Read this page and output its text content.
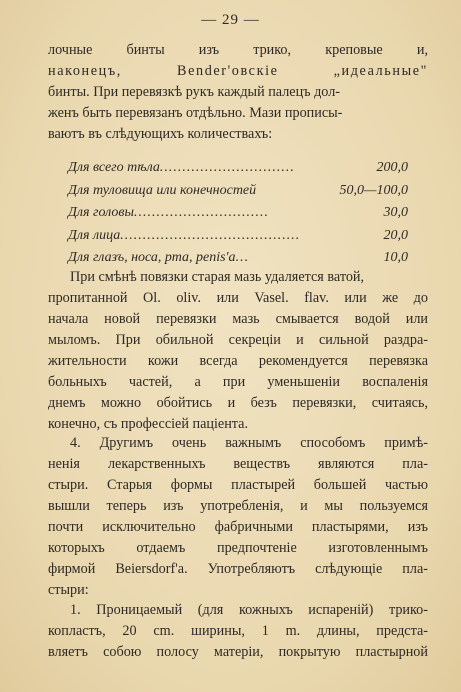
— 29 —
лочные бинты изъ трико, креповые и,
наконецъ, Bender'овскiе „идеальные"
бинты. При перевязкѣ рукъ каждый палецъ дол-
женъ быть перевязанъ отдѣльно. Мази прописы-
ваютъ въ слѣдующихъ количествахъ:
Для всего тѣла ..............................	200,0
Для туловища или конечностей	50,0—100,0
Для головы ..............................	30,0
Для лица ........................................	20,0
Для глазъ, носа, рта, penis'a ...	10,0
При смѣнѣ повязки старая мазь удаляется ватой,
пропитанной Ol. oliv. или Vasel. flav. или же до
начала новой перевязки мазь смывается водой или
мыломъ. При обильной секрецiи и сильной раздра-
жительности кожи всегда рекомендуется перевязка
больныхъ частей, а при уменьшенiи воспаленiя
днемъ можно обойтись и безъ перевязки, считаясь,
конечно, съ профессiей пацiента.
4. Другимъ очень важнымъ способомъ примѣ-
ненiя лекарственныхъ веществъ являются пла-
стыри. Старыя формы пластырей большей частью
вышли теперь изъ употребленiя, и мы пользуемся
почти исключительно фабричными пластырями, изъ
которыхъ отдаемъ предпочтенiе изготовленнымъ
фирмой Beiersdorf'a. Употребляютъ слѣдующiе пла-
стыри:
1. Проницаемый (для кожныхъ испаренiй) трико-
копластъ, 20 cm. ширины, 1 m. длины, предста-
вляетъ собою полосу матерiи, покрытую пластырной
